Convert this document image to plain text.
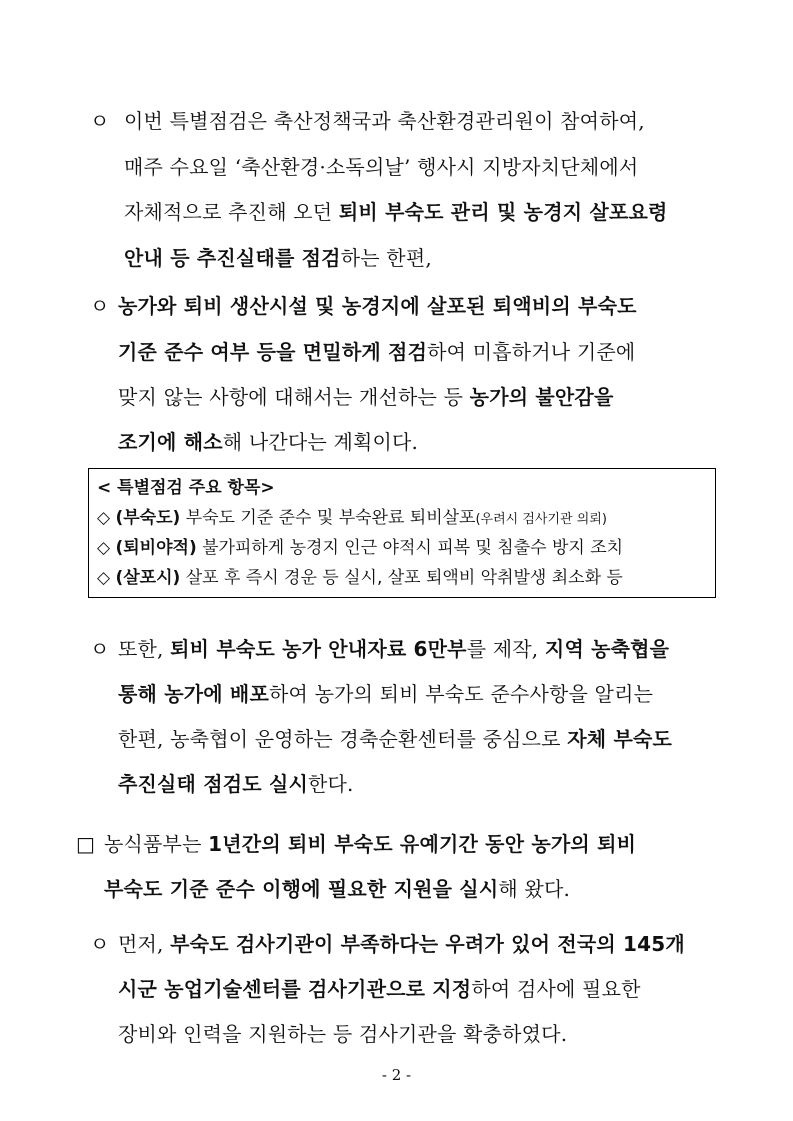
ㅇ 이번 특별점검은 축산정책국과 축산환경관리원이 참여하여,
매주 수요일 ‘축산환경·소독의날’ 행사시 지방자치단체에서
자체적으로 추진해 오던 퇴비 부숙도 관리 및 농경지 살포요령
안내 등 추진실태를 점검하는 한편,
ㅇ 농가와 퇴비 생산시설 및 농경지에 살포된 퇴액비의 부숙도
기준 준수 여부 등을 면밀하게 점검하여 미흡하거나 기준에
맞지 않는 사항에 대해서는 개선하는 등 농가의 불안감을
조기에 해소해 나간다는 계획이다.
< 특별점검 주요 항목>
◇ (부숙도) 부숙도 기준 준수 및 부숙완료 퇴비살포(우려시 검사기관 의뢰)
◇ (퇴비야적) 불가피하게 농경지 인근 야적시 피복 및 침출수 방지 조치
◇ (살포시) 살포 후 즉시 경운 등 실시, 살포 퇴액비 악취발생 최소화 등
ㅇ 또한, 퇴비 부숙도 농가 안내자료 6만부를 제작, 지역 농축협을
통해 농가에 배포하여 농가의 퇴비 부숙도 준수사항을 알리는
한편, 농축협이 운영하는 경축순환센터를 중심으로 자체 부숙도
추진실태 점검도 실시한다.
□ 농식품부는 1년간의 퇴비 부숙도 유예기간 동안 농가의 퇴비
부숙도 기준 준수 이행에 필요한 지원을 실시해 왔다.
ㅇ 먼저, 부숙도 검사기관이 부족하다는 우려가 있어 전국의 145개
시군 농업기술센터를 검사기관으로 지정하여 검사에 필요한
장비와 인력을 지원하는 등 검사기관을 확충하였다.
- 2 -
